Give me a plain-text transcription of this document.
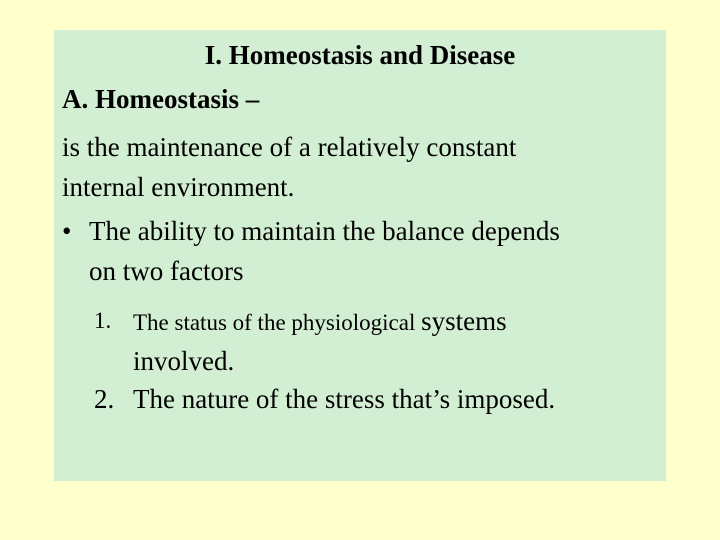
I. Homeostasis and Disease
A. Homeostasis –
is the maintenance of a relatively constant
internal environment.
• The ability to maintain the balance depends
on two factors
1. The status of the physiological systems
involved.
2. The nature of the stress that’s imposed.
